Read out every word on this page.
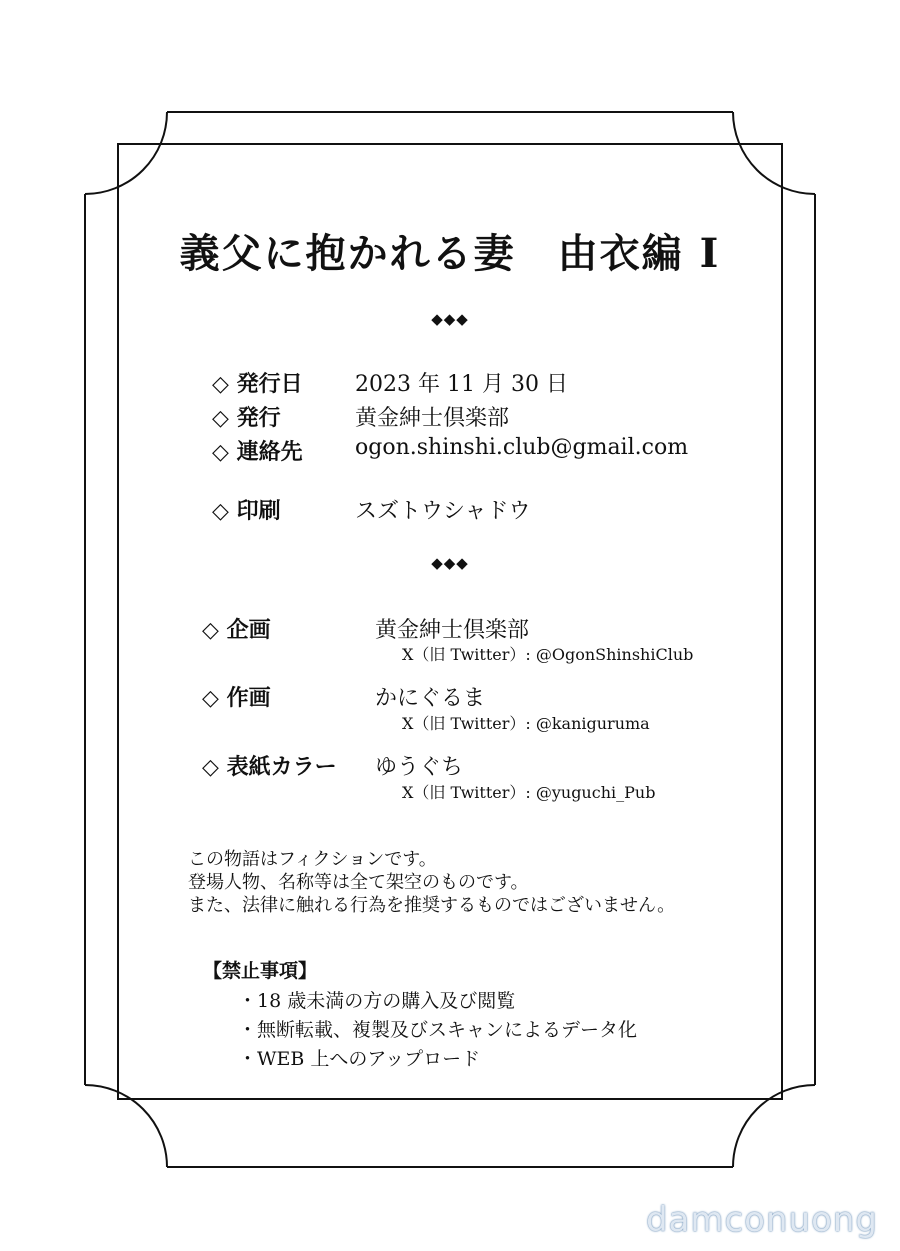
義父に抱かれる妻　由衣編 I
◆◆◆
◇ 発行日 2023 年 11 月 30 日
◇ 発行	黄金紳士倶楽部
◇ 連絡先 ogon.shinshi.club@gmail.com
◇ 印刷	スズトウシャドウ
◆◆◆
◇ 企画	黄金紳士倶楽部
X（旧 Twitter）: @OgonShinshiClub
◇ 作画	かにぐるま
X（旧 Twitter）: @kaniguruma
◇ 表紙カラー ゆうぐち
X（旧 Twitter）: @yuguchi_Pub
この物語はフィクションです。
登場人物、名称等は全て架空のものです。
また、法律に触れる行為を推奨するものではございません。
【禁止事項】
・18 歳未満の方の購入及び閲覧
・無断転載、複製及びスキャンによるデータ化
・WEB 上へのアップロード
damconuong
